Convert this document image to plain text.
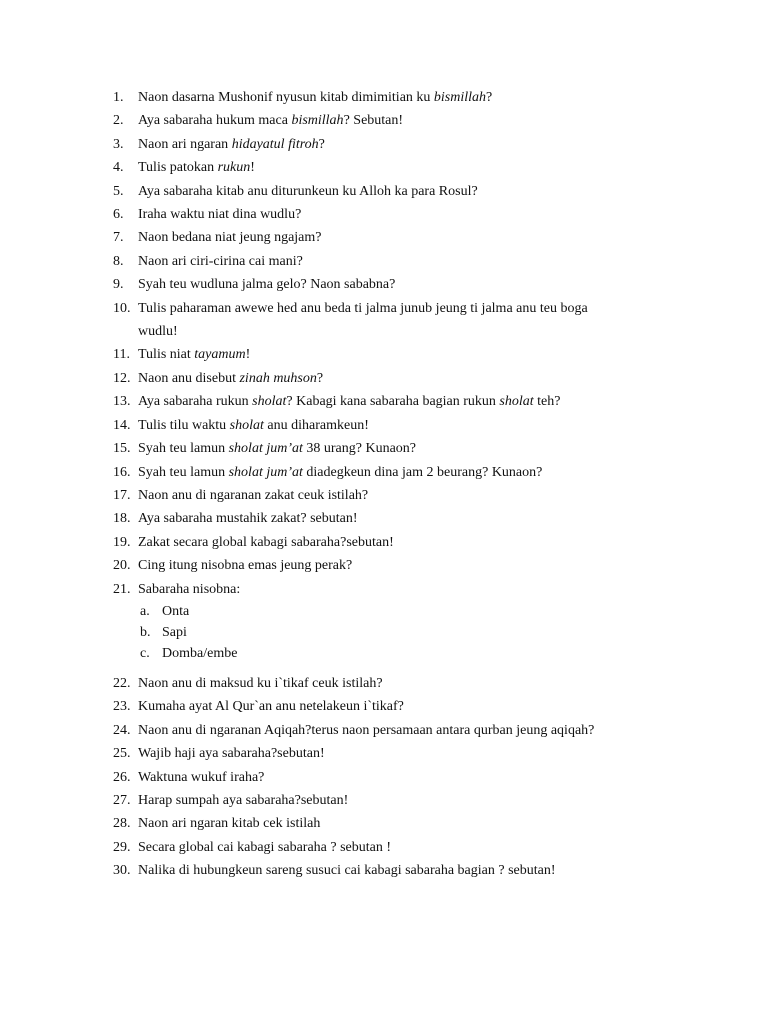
1. Naon dasarna Mushonif nyusun kitab dimimitian ku bismillah?
2. Aya sabaraha hukum maca bismillah? Sebutan!
3. Naon ari ngaran hidayatul fitroh?
4. Tulis patokan rukun!
5. Aya sabaraha kitab anu diturunkeun ku Alloh ka para Rosul?
6. Iraha waktu niat dina wudlu?
7. Naon bedana niat jeung ngajam?
8. Naon ari ciri-cirina cai mani?
9. Syah teu wudluna jalma gelo? Naon sababna?
10. Tulis paharaman awewe hed anu beda ti jalma junub jeung ti jalma anu teu boga
wudlu!
11. Tulis niat tayamum!
12. Naon anu disebut zinah muhson?
13. Aya sabaraha rukun sholat? Kabagi kana sabaraha bagian rukun sholat teh?
14. Tulis tilu waktu sholat anu diharamkeun!
15. Syah teu lamun sholat jum’at 38 urang? Kunaon?
16. Syah teu lamun sholat jum’at diadegkeun dina jam 2 beurang? Kunaon?
17. Naon anu di ngaranan zakat ceuk istilah?
18. Aya sabaraha mustahik zakat? sebutan!
19. Zakat secara global kabagi sabaraha?sebutan!
20. Cing itung nisobna emas jeung perak?
21. Sabaraha nisobna:
a. Onta
b. Sapi
c. Domba/embe
22. Naon anu di maksud ku i`tikaf ceuk istilah?
23. Kumaha ayat Al Qur`an anu netelakeun i`tikaf?
24. Naon anu di ngaranan Aqiqah?terus naon persamaan antara qurban jeung aqiqah?
25. Wajib haji aya sabaraha?sebutan!
26. Waktuna wukuf iraha?
27. Harap sumpah aya sabaraha?sebutan!
28. Naon ari ngaran kitab cek istilah
29. Secara global cai kabagi sabaraha ? sebutan !
30. Nalika di hubungkeun sareng susuci cai kabagi sabaraha bagian ? sebutan!
